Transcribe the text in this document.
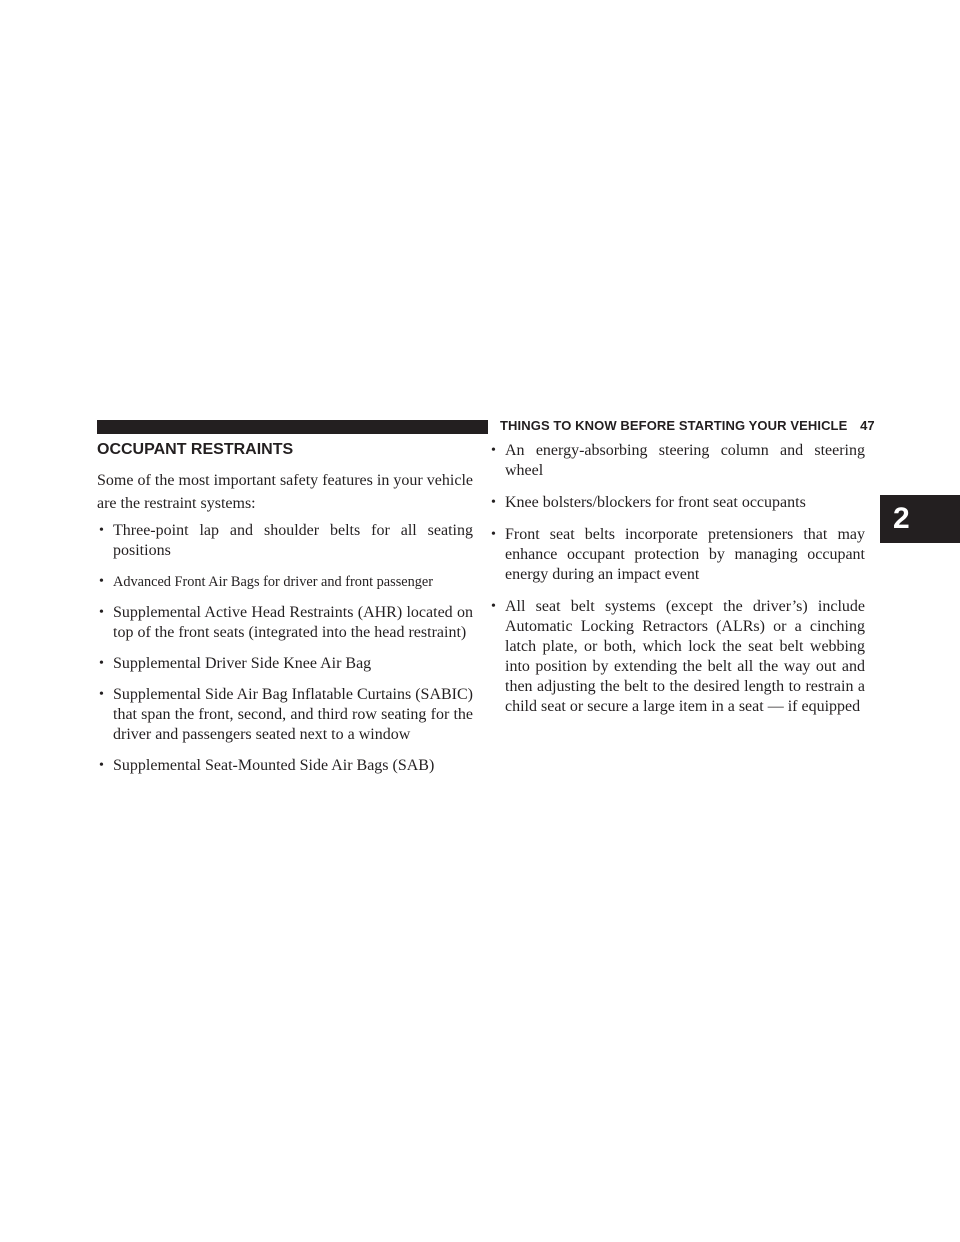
THINGS TO KNOW BEFORE STARTING YOUR VEHICLE 47
2
OCCUPANT RESTRAINTS

Some of the most important safety features in your vehicle are the restraint systems:

• Three-point lap and shoulder belts for all seating positions
• Advanced Front Air Bags for driver and front passenger
• Supplemental Active Head Restraints (AHR) located on top of the front seats (integrated into the head restraint)
• Supplemental Driver Side Knee Air Bag
• Supplemental Side Air Bag Inflatable Curtains (SABIC) that span the front, second, and third row seating for the driver and passengers seated next to a window
• Supplemental Seat-Mounted Side Air Bags (SAB)
• An energy-absorbing steering column and steering wheel
• Knee bolsters/blockers for front seat occupants
• Front seat belts incorporate pretensioners that may enhance occupant protection by managing occupant energy during an impact event
• All seat belt systems (except the driver’s) include Automatic Locking Retractors (ALRs) or a cinching latch plate, or both, which lock the seat belt webbing into position by extending the belt all the way out and then adjusting the belt to the desired length to restrain a child seat or secure a large item in a seat — if equipped
